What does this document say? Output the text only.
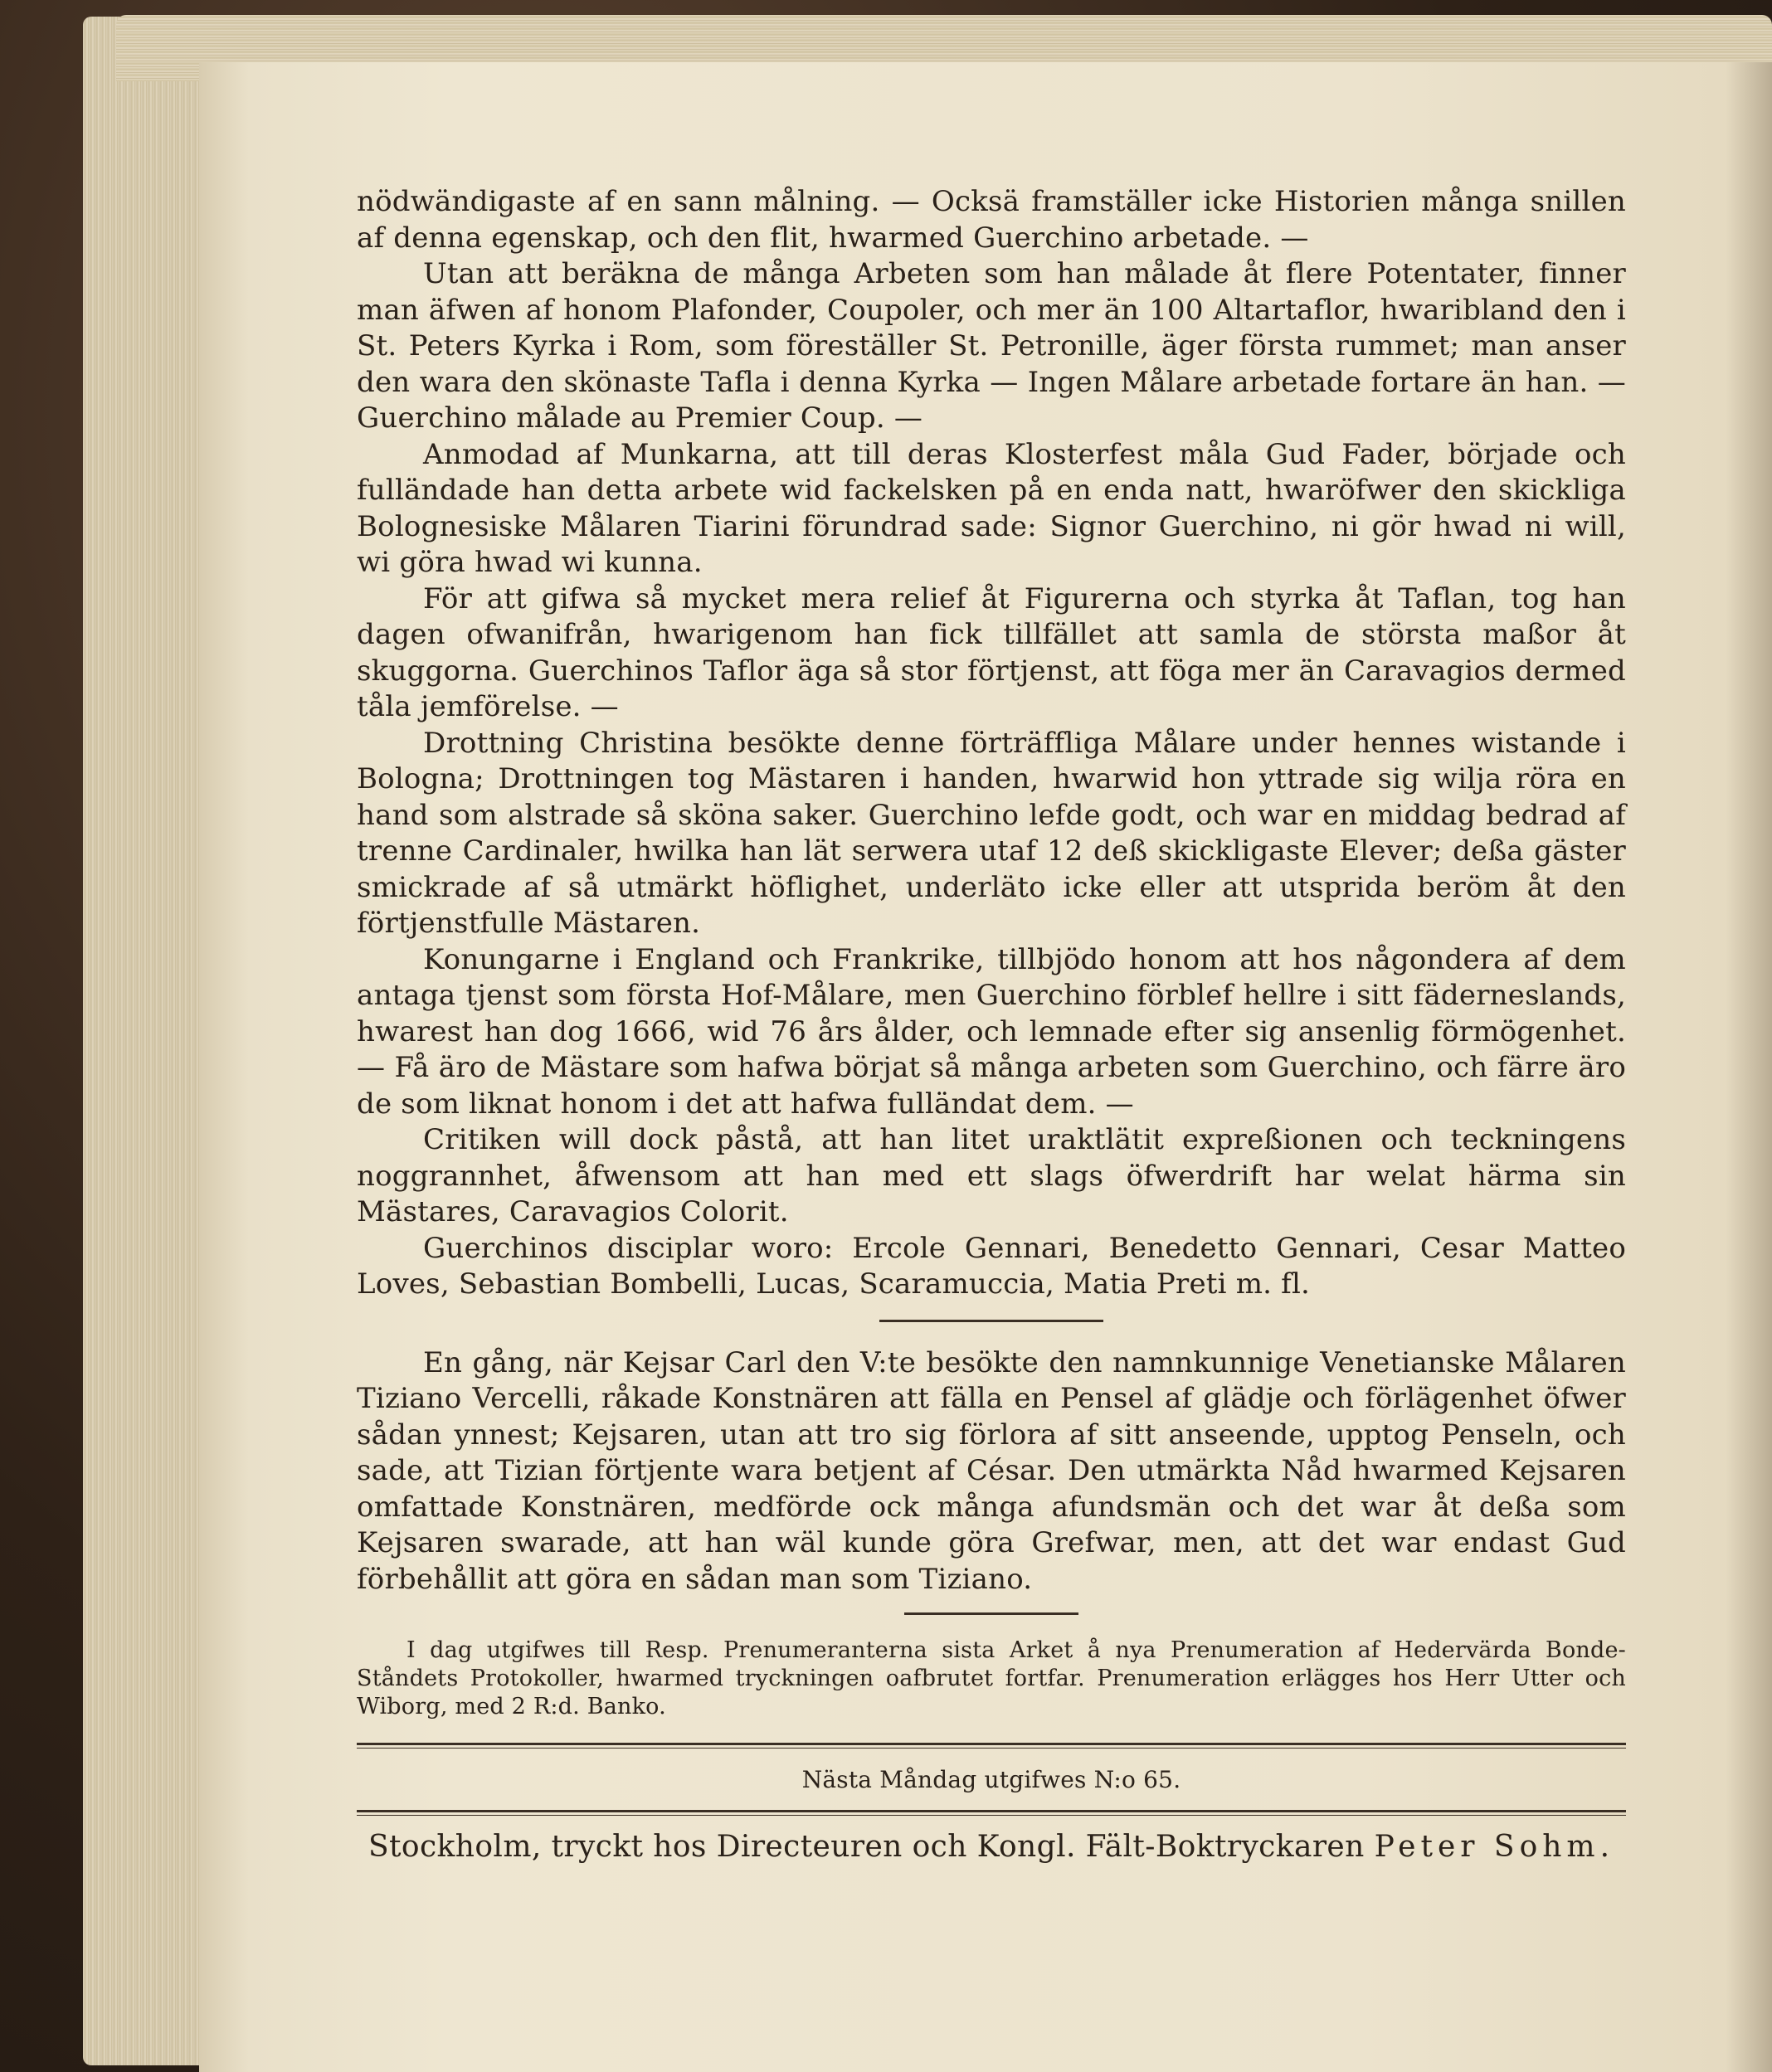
nödwändigaste af en sann målning. — Ocksä framställer icke Historien många snillen af denna egenskap, och den flit, hwarmed Guerchino arbetade. —

Utan att beräkna de många Arbeten som han målade åt flere Potentater, finner man äfwen af honom Plafonder, Coupoler, och mer än 100 Altartaflor, hwaribland den i St. Peters Kyrka i Rom, som föreställer St. Petronille, äger första rummet; man anser den wara den skönaste Tafla i denna Kyrka — Ingen Målare arbetade fortare än han. — Guerchino målade au Premier Coup. —

Anmodad af Munkarna, att till deras Klosterfest måla Gud Fader, började och fulländade han detta arbete wid fackelsken på en enda natt, hwaröfwer den skickliga Bolognesiske Målaren Tiarini förundrad sade: Signor Guerchino, ni gör hwad ni will, wi göra hwad wi kunna.

För att gifwa så mycket mera relief åt Figurerna och styrka åt Taflan, tog han dagen ofwanifrån, hwarigenom han fick tillfället att samla de största maßor åt skuggorna. Guerchinos Taflor äga så stor förtjenst, att föga mer än Caravagios dermed tåla jemförelse. —

Drottning Christina besökte denne förträffliga Målare under hennes wistande i Bologna; Drottningen tog Mästaren i handen, hwarwid hon yttrade sig wilja röra en hand som alstrade så sköna saker. Guerchino lefde godt, och war en middag bedrad af trenne Cardinaler, hwilka han lät serwera utaf 12 deß skickligaste Elever; deßa gäster smickrade af så utmärkt höflighet, underläto icke eller att utsprida beröm åt den förtjenstfulle Mästaren.

Konungarne i England och Frankrike, tillbjödo honom att hos någondera af dem antaga tjenst som första Hof-Målare, men Guerchino förblef hellre i sitt fäderneslands, hwarest han dog 1666, wid 76 års ålder, och lemnade efter sig ansenlig förmögenhet. — Få äro de Mästare som hafwa börjat så många arbeten som Guerchino, och färre äro de som liknat honom i det att hafwa fulländat dem. —

Critiken will dock påstå, att han litet uraktlätit expreßionen och teckningens noggrannhet, åfwensom att han med ett slags öfwerdrift har welat härma sin Mästares, Caravagios Colorit.

Guerchinos disciplar woro: Ercole Gennari, Benedetto Gennari, Cesar Matteo Loves, Sebastian Bombelli, Lucas, Scaramuccia, Matia Preti m. fl.

En gång, när Kejsar Carl den V:te besökte den namnkunnige Venetianske Målaren Tiziano Vercelli, råkade Konstnären att fälla en Pensel af glädje och förlägenhet öfwer sådan ynnest; Kejsaren, utan att tro sig förlora af sitt anseende, upptog Penseln, och sade, att Tizian förtjente wara betjent af César. Den utmärkta Nåd hwarmed Kejsaren omfattade Konstnären, medförde ock många afundsmän och det war åt deßa som Kejsaren swarade, att han wäl kunde göra Grefwar, men, att det war endast Gud förbehållit att göra en sådan man som Tiziano.

I dag utgifwes till Resp. Prenumeranterna sista Arket å nya Prenumeration af Hedervärda Bonde-Ståndets Protokoller, hwarmed tryckningen oafbrutet fortfar. Prenumeration erlägges hos Herr Utter och Wiborg, med 2 R:d. Banko.

Nästa Måndag utgifwes N:o 65.

Stockholm, tryckt hos Directeuren och Kongl. Fält-Boktryckaren Peter Sohm.
